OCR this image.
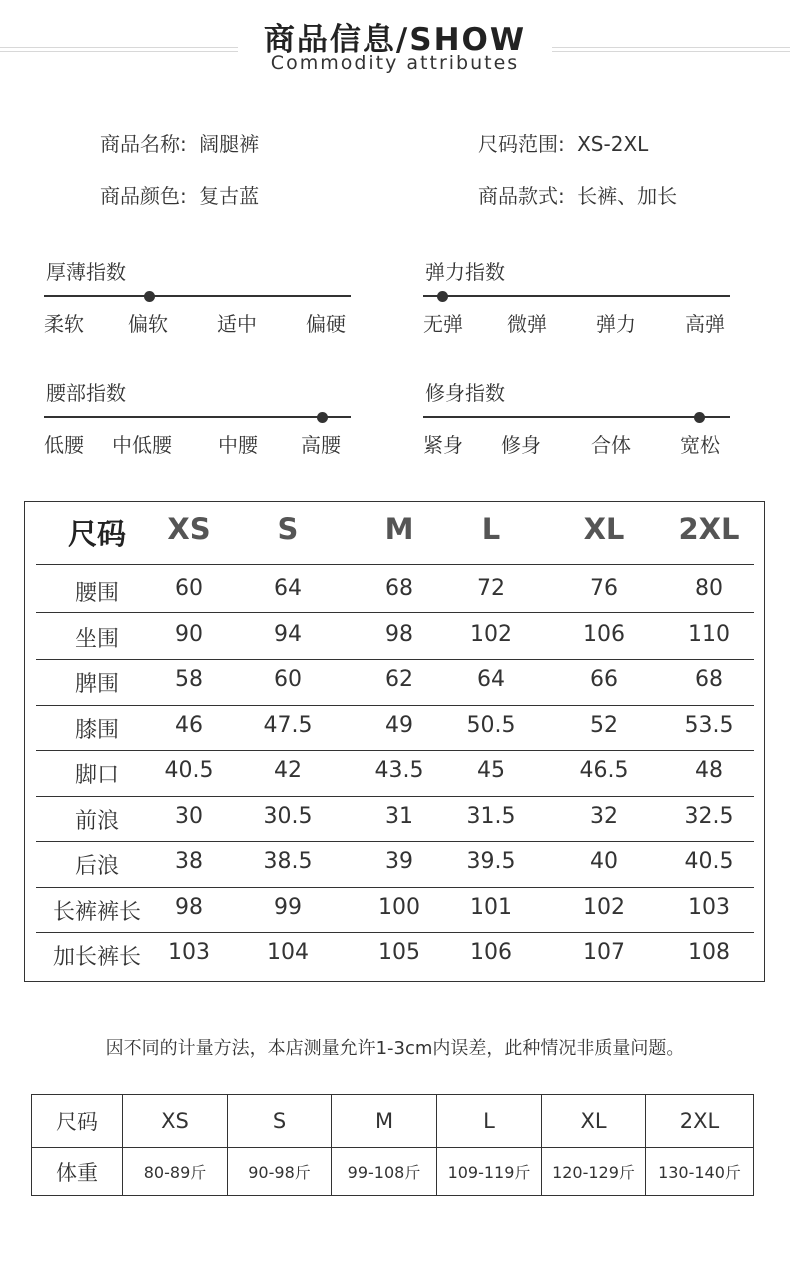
商品信息/SHOW
Commodity attributes
商品名称: 阔腿裤	尺码范围: XS-2XL
商品颜色: 复古蓝	商品款式: 长裤、加长
厚薄指数
柔软 偏软 适中 偏硬
弹力指数
无弹 微弹 弹力 高弹
腰部指数
低腰 中低腰 中腰 高腰
修身指数
紧身 修身	合体 宽松
尺码	XS	S	M	L	XL	2XL
腰围	60	64	68	72	76	80
坐围	90	94	98	102	106	110
脾围	58	60	62	64	66	68
膝围	46	47.5	49	50.5	52	53.5
脚口	40.5	42	43.5	45	46.5	48
前浪	30	30.5	31	31.5	32	32.5
后浪	38	38.5	39	39.5	40	40.5
长裤裤长	98	99	100	101	102	103
加长裤长	103	104	105	106	107	108
因不同的计量方法，本店测量允许1-3cm内误差，此种情况非质量问题。
尺码	XS	S	M	L	XL	2XL
体重	80-89斤	90-98斤	99-108斤	109-119斤	120-129斤	130-140斤
